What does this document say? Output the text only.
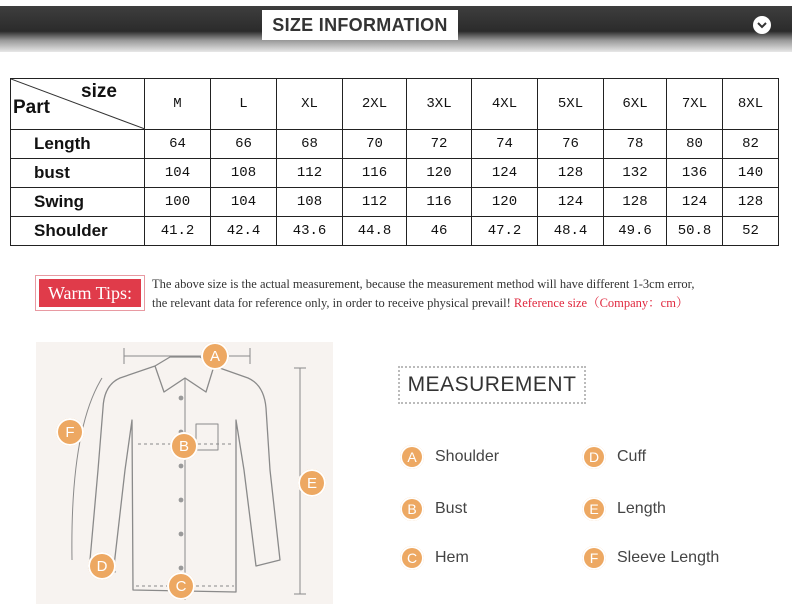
SIZE INFORMATION
size
Part	M	L	XL	2XL	3XL	4XL	5XL	6XL	7XL	8XL
Length	64	66	68	70	72	74	76	78	80	82
bust	104	108	112	116	120	124	128	132	136	140
Swing	100	104	108	112	116	120	124	128	124	128
Shoulder	41.2	42.4	43.6	44.8	46	47.2	48.4	49.6	50.8	52
Warm Tips:	The above size is the actual measurement, because the measurement method will have different 1-3cm error,
the relevant data for reference only, in order to receive physical prevail! Reference size（Company：cm）
A
B
C
D
E
F
MEASUREMENT
A	Shoulder
B	Bust
C	Hem
D	Cuff
E	Length
F	Sleeve Length
